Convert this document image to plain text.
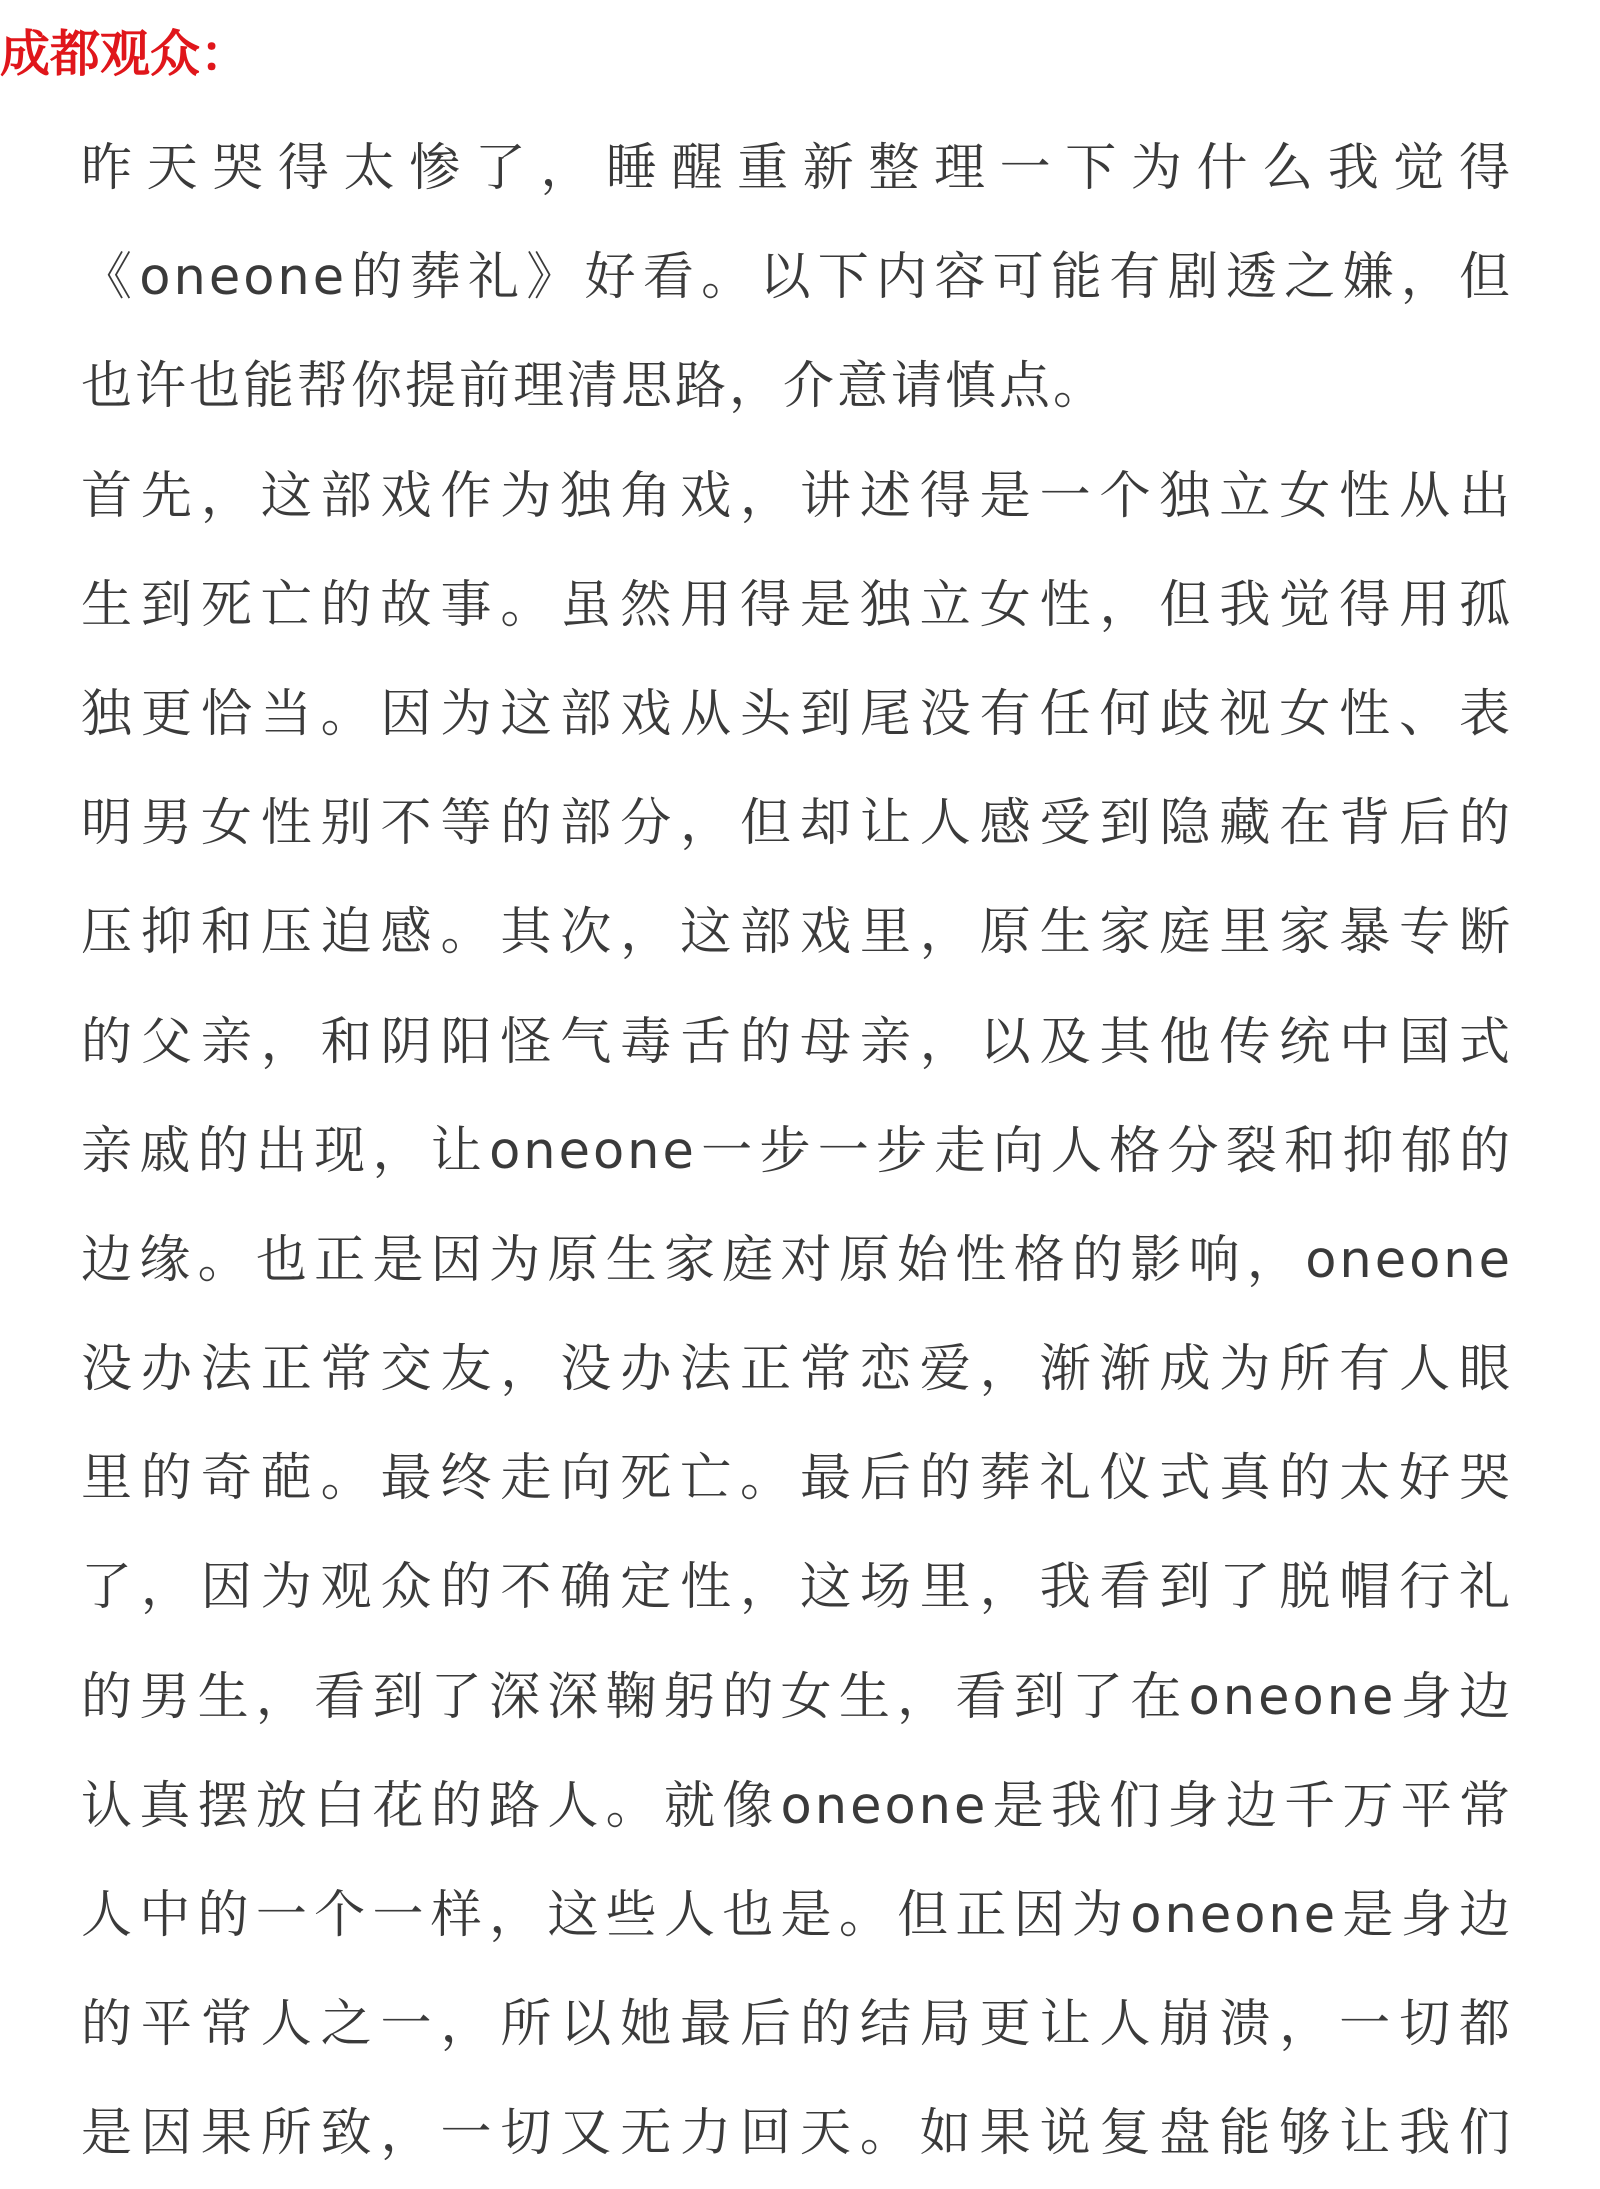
成都观众：
昨天哭得太惨了，睡醒重新整理一下为什么我觉得
《oneone的葬礼》好看。以下内容可能有剧透之嫌，但
也许也能帮你提前理清思路，介意请慎点。
首先，这部戏作为独角戏，讲述得是一个独立女性从出
生到死亡的故事。虽然用得是独立女性，但我觉得用孤
独更恰当。因为这部戏从头到尾没有任何歧视女性、表
明男女性别不等的部分，但却让人感受到隐藏在背后的
压抑和压迫感。其次，这部戏里，原生家庭里家暴专断
的父亲，和阴阳怪气毒舌的母亲，以及其他传统中国式
亲戚的出现，让oneone一步一步走向人格分裂和抑郁的
边缘。也正是因为原生家庭对原始性格的影响，oneone
没办法正常交友，没办法正常恋爱，渐渐成为所有人眼
里的奇葩。最终走向死亡。最后的葬礼仪式真的太好哭
了，因为观众的不确定性，这场里，我看到了脱帽行礼
的男生，看到了深深鞠躬的女生，看到了在oneone身边
认真摆放白花的路人。就像oneone是我们身边千万平常
人中的一个一样，这些人也是。但正因为oneone是身边
的平常人之一，所以她最后的结局更让人崩溃，一切都
是因果所致，一切又无力回天。如果说复盘能够让我们
